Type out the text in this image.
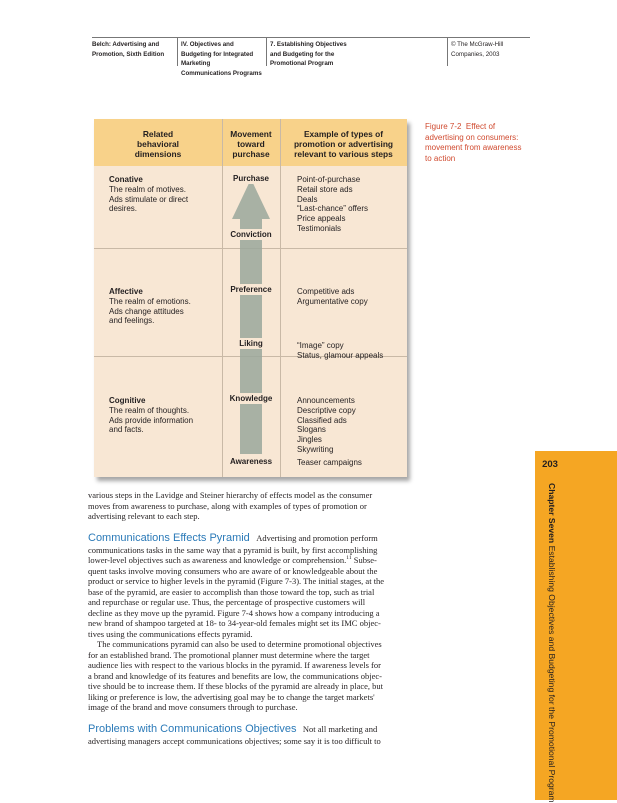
Belch: Advertising and
Promotion, Sixth Edition
IV. Objectives and
Budgeting for Integrated
Marketing
Communications Programs
7. Establishing Objectives
and Budgeting for the
Promotional Program
© The McGraw-Hill
Companies, 2003
Related
behavioral
dimensions
Movement
toward
purchase
Example of types of
promotion or advertising
relevant to various steps
Conative
The realm of motives.
Ads stimulate or direct
desires.
Purchase
Conviction
Point-of-purchase
Retail store ads
Deals
“Last-chance” offers
Price appeals
Testimonials
Affective
The realm of emotions.
Ads change attitudes
and feelings.
Preference
Liking
Competitive ads
Argumentative copy
“Image” copy
Status, glamour appeals
Cognitive
The realm of thoughts.
Ads provide information
and facts.
Knowledge
Awareness
Announcements
Descriptive copy
Classified ads
Slogans
Jingles
Skywriting
Teaser campaigns
Figure 7-2 Effect of
advertising on consumers:
movement from awareness
to action
203
Chapter Seven Establishing Objectives and Budgeting for the Promotional Program
various steps in the Lavidge and Steiner hierarchy of effects model as the consumer
moves from awareness to purchase, along with examples of types of promotion or
advertising relevant to each step.
Communications Effects Pyramid Advertising and promotion perform
communications tasks in the same way that a pyramid is built, by first accomplishing
lower-level objectives such as awareness and knowledge or comprehension.$^{11}$ Subse-
quent tasks involve moving consumers who are aware of or knowledgeable about the
product or service to higher levels in the pyramid (Figure 7-3). The initial stages, at the
base of the pyramid, are easier to accomplish than those toward the top, such as trial
and repurchase or regular use. Thus, the percentage of prospective customers will
decline as they move up the pyramid. Figure 7-4 shows how a company introducing a
new brand of shampoo targeted at 18- to 34-year-old females might set its IMC objec-
tives using the communications effects pyramid.
The communications pyramid can also be used to determine promotional objectives
for an established brand. The promotional planner must determine where the target
audience lies with respect to the various blocks in the pyramid. If awareness levels for
a brand and knowledge of its features and benefits are low, the communications objec-
tive should be to increase them. If these blocks of the pyramid are already in place, but
liking or preference is low, the advertising goal may be to change the target markets'
image of the brand and move consumers through to purchase.
Problems with Communications Objectives Not all marketing and
advertising managers accept communications objectives; some say it is too difficult to
